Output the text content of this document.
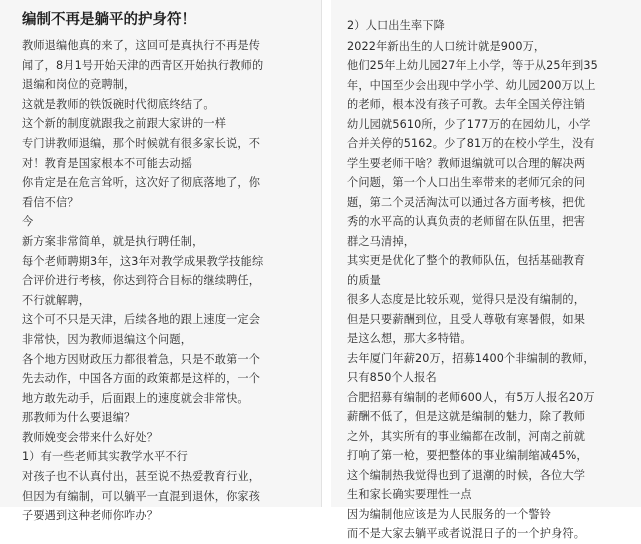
编制不再是躺平的护身符！
教师退编他真的来了，这回可是真执行不再是传
闻了，8月1号开始天津的西青区开始执行教师的
退编和岗位的竞聘制，
这就是教师的铁饭碗时代彻底终结了。
这个新的制度就跟我之前跟大家讲的一样
专门讲教师退编，那个时候就有很多家长说，不
对！教育是国家根本不可能去动摇
你肯定是在危言耸听，这次好了彻底落地了，你
看信不信？
今
新方案非常简单，就是执行聘任制，
每个老师聘期3年，这3年对教学成果教学技能综
合评价进行考核，你达到符合目标的继续聘任，
不行就解聘，
这个可不只是天津，后续各地的跟上速度一定会
非常快，因为教师退编这个问题，
各个地方因财政压力都很着急，只是不敢第一个
先去动作，中国各方面的政策都是这样的，一个
地方敢先动手，后面跟上的速度就会非常快。
那教师为什么要退编？
教师娩变会带来什么好处？
1）有一些老师其实教学水平不行
对孩子也不认真付出，甚至说不热爱教育行业，
但因为有编制，可以躺平一直混到退休，你家孩
子要遇到这种老师你咋办？
2）人口出生率下降
2022年新出生的人口统计就是900万，
他们25年上幼儿园27年上小学，等于从25年到35
年，中国至少会出现中学小学、幼儿园200万以上
的老师，根本没有孩子可教。去年全国关停注销
幼儿园就5610所，少了177万的在园幼儿，小学
合并关停的5162。少了81万的在校小学生，没有
学生要老师干啥？教师退编就可以合理的解决两
个问题，第一个人口出生率带来的老师冗余的问
题，第二个灵活淘汰可以通过各方面考核，把优
秀的水平高的认真负责的老师留在队伍里，把害
群之马清掉，
其实更是优化了整个的教师队伍，包括基础教育
的质量
很多人态度是比较乐观，觉得只是没有编制的，
但是只要薪酬到位，且受人尊敬有寒暑假，如果
是这么想，那大多特错。
去年厦门年薪20万，招募1400个非编制的教师，
只有850个人报名
合肥招募有编制的老师600人，有5万人报名20万
薪酬不低了，但是这就是编制的魅力，除了教师
之外，其实所有的事业编都在改制，河南之前就
打响了第一枪，要把整体的事业编制缩减45%，
这个编制热我觉得也到了退潮的时候，各位大学
生和家长确实要理性一点
因为编制他应该是为人民服务的一个警铃
而不是大家去躺平或者说混日子的一个护身符。
